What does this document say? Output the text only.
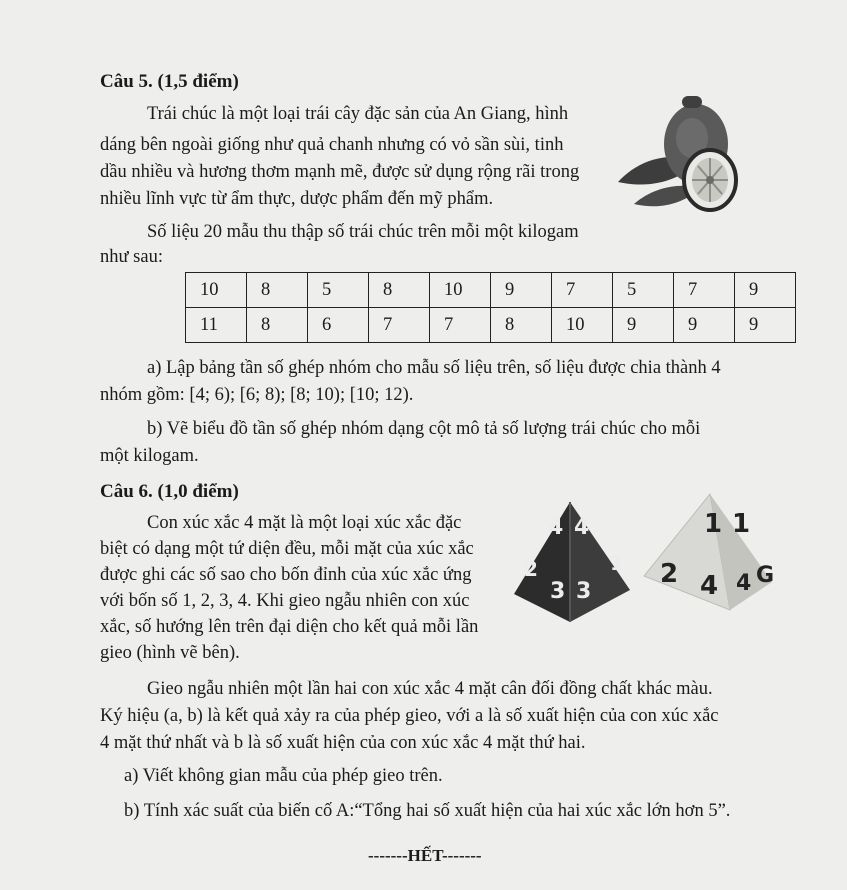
Câu 5. (1,5 điểm)
Trái chúc là một loại trái cây đặc sản của An Giang, hình
dáng bên ngoài giống như quả chanh nhưng có vỏ sần sùi, tinh
dầu nhiều và hương thơm mạnh mẽ, được sử dụng rộng rãi trong
nhiều lĩnh vực từ ẩm thực, dược phẩm đến mỹ phẩm.
Số liệu 20 mẫu thu thập số trái chúc trên mỗi một kilogam
như sau:
10	8	5	8	10	9	7	5	7	9
11	8	6	7	7	8	10	9	9	9
a) Lập bảng tần số ghép nhóm cho mẫu số liệu trên, số liệu được chia thành 4
nhóm gồm: [4; 6); [6; 8); [8; 10); [10; 12).
b) Vẽ biểu đồ tần số ghép nhóm dạng cột mô tả số lượng trái chúc cho mỗi
một kilogam.
Câu 6. (1,0 điểm)
Con xúc xắc 4 mặt là một loại xúc xắc đặc
biệt có dạng một tứ diện đều, mỗi mặt của xúc xắc
được ghi các số sao cho bốn đỉnh của xúc xắc ứng
với bốn số 1, 2, 3, 4. Khi gieo ngẫu nhiên con xúc
xắc, số hướng lên trên đại diện cho kết quả mỗi lần
gieo (hình vẽ bên).
4 4
2
3 3
1
1 1
2 4 4 G
Gieo ngẫu nhiên một lần hai con xúc xắc 4 mặt cân đối đồng chất khác màu.
Ký hiệu (a, b) là kết quả xảy ra của phép gieo, với a là số xuất hiện của con xúc xắc
4 mặt thứ nhất và b là số xuất hiện của con xúc xắc 4 mặt thứ hai.
a) Viết không gian mẫu của phép gieo trên.
b) Tính xác suất của biến cố A:“Tổng hai số xuất hiện của hai xúc xắc lớn hơn 5”.
-------HẾT-------
